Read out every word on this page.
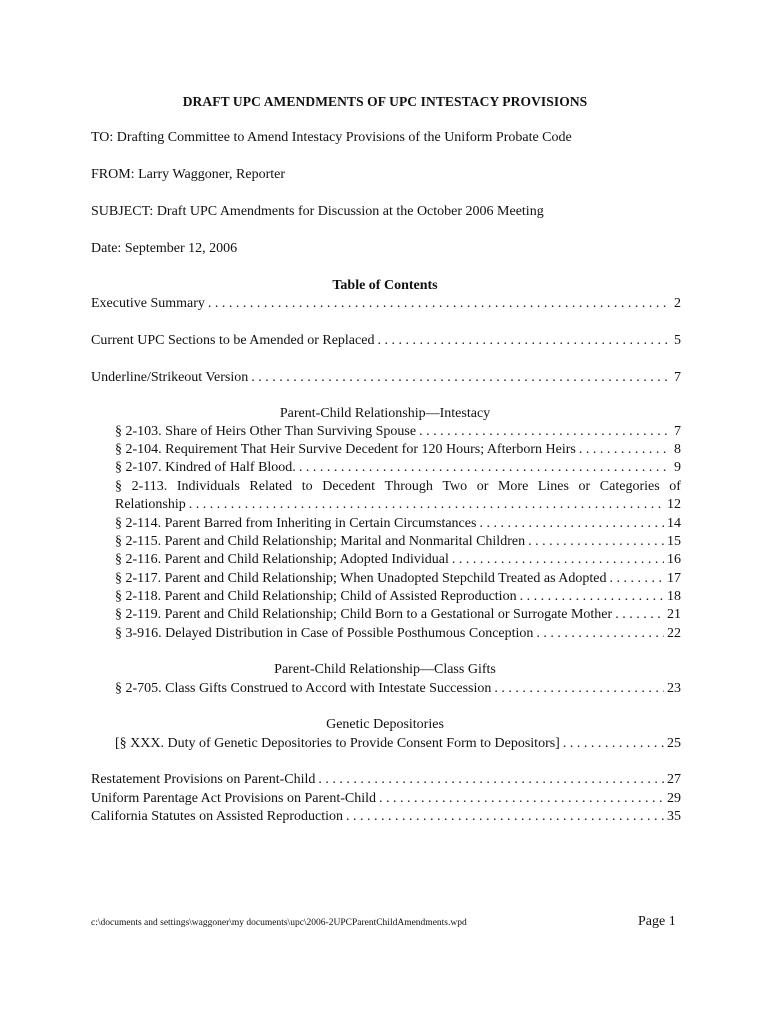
DRAFT UPC AMENDMENTS OF UPC INTESTACY PROVISIONS
TO: Drafting Committee to Amend Intestacy Provisions of the Uniform Probate Code
FROM: Larry Waggoner, Reporter
SUBJECT: Draft UPC Amendments for Discussion at the October 2006 Meeting
Date: September 12, 2006
Table of Contents
Executive Summary . . .	2
Current UPC Sections to be Amended or Replaced . . .	5
Underline/Strikeout Version . . .	7
Parent-Child Relationship—Intestacy
§ 2-103. Share of Heirs Other Than Surviving Spouse . . .	7
§ 2-104. Requirement That Heir Survive Decedent for 120 Hours; Afterborn Heirs . . .	8
§ 2-107. Kindred of Half Blood. . . .	9
§ 2-113. Individuals Related to Decedent Through Two or More Lines or Categories of
Relationship . . .	12
§ 2-114. Parent Barred from Inheriting in Certain Circumstances . . .	14
§ 2-115. Parent and Child Relationship; Marital and Nonmarital Children . . .	15
§ 2-116. Parent and Child Relationship; Adopted Individual . . .	16
§ 2-117. Parent and Child Relationship; When Unadopted Stepchild Treated as Adopted . . .	17
§ 2-118. Parent and Child Relationship; Child of Assisted Reproduction . . .	18
§ 2-119. Parent and Child Relationship; Child Born to a Gestational or Surrogate Mother . . .	21
§ 3-916. Delayed Distribution in Case of Possible Posthumous Conception . . .	22
Parent-Child Relationship—Class Gifts
§ 2-705. Class Gifts Construed to Accord with Intestate Succession . . .	23
Genetic Depositories
[§ XXX. Duty of Genetic Depositories to Provide Consent Form to Depositors] . . .	25
Restatement Provisions on Parent-Child . . .	27
Uniform Parentage Act Provisions on Parent-Child . . .	29
California Statutes on Assisted Reproduction . . .	35
c:\documents and settings\waggoner\my documents\upc\2006-2UPCParentChildAmendments.wpd	Page 1
